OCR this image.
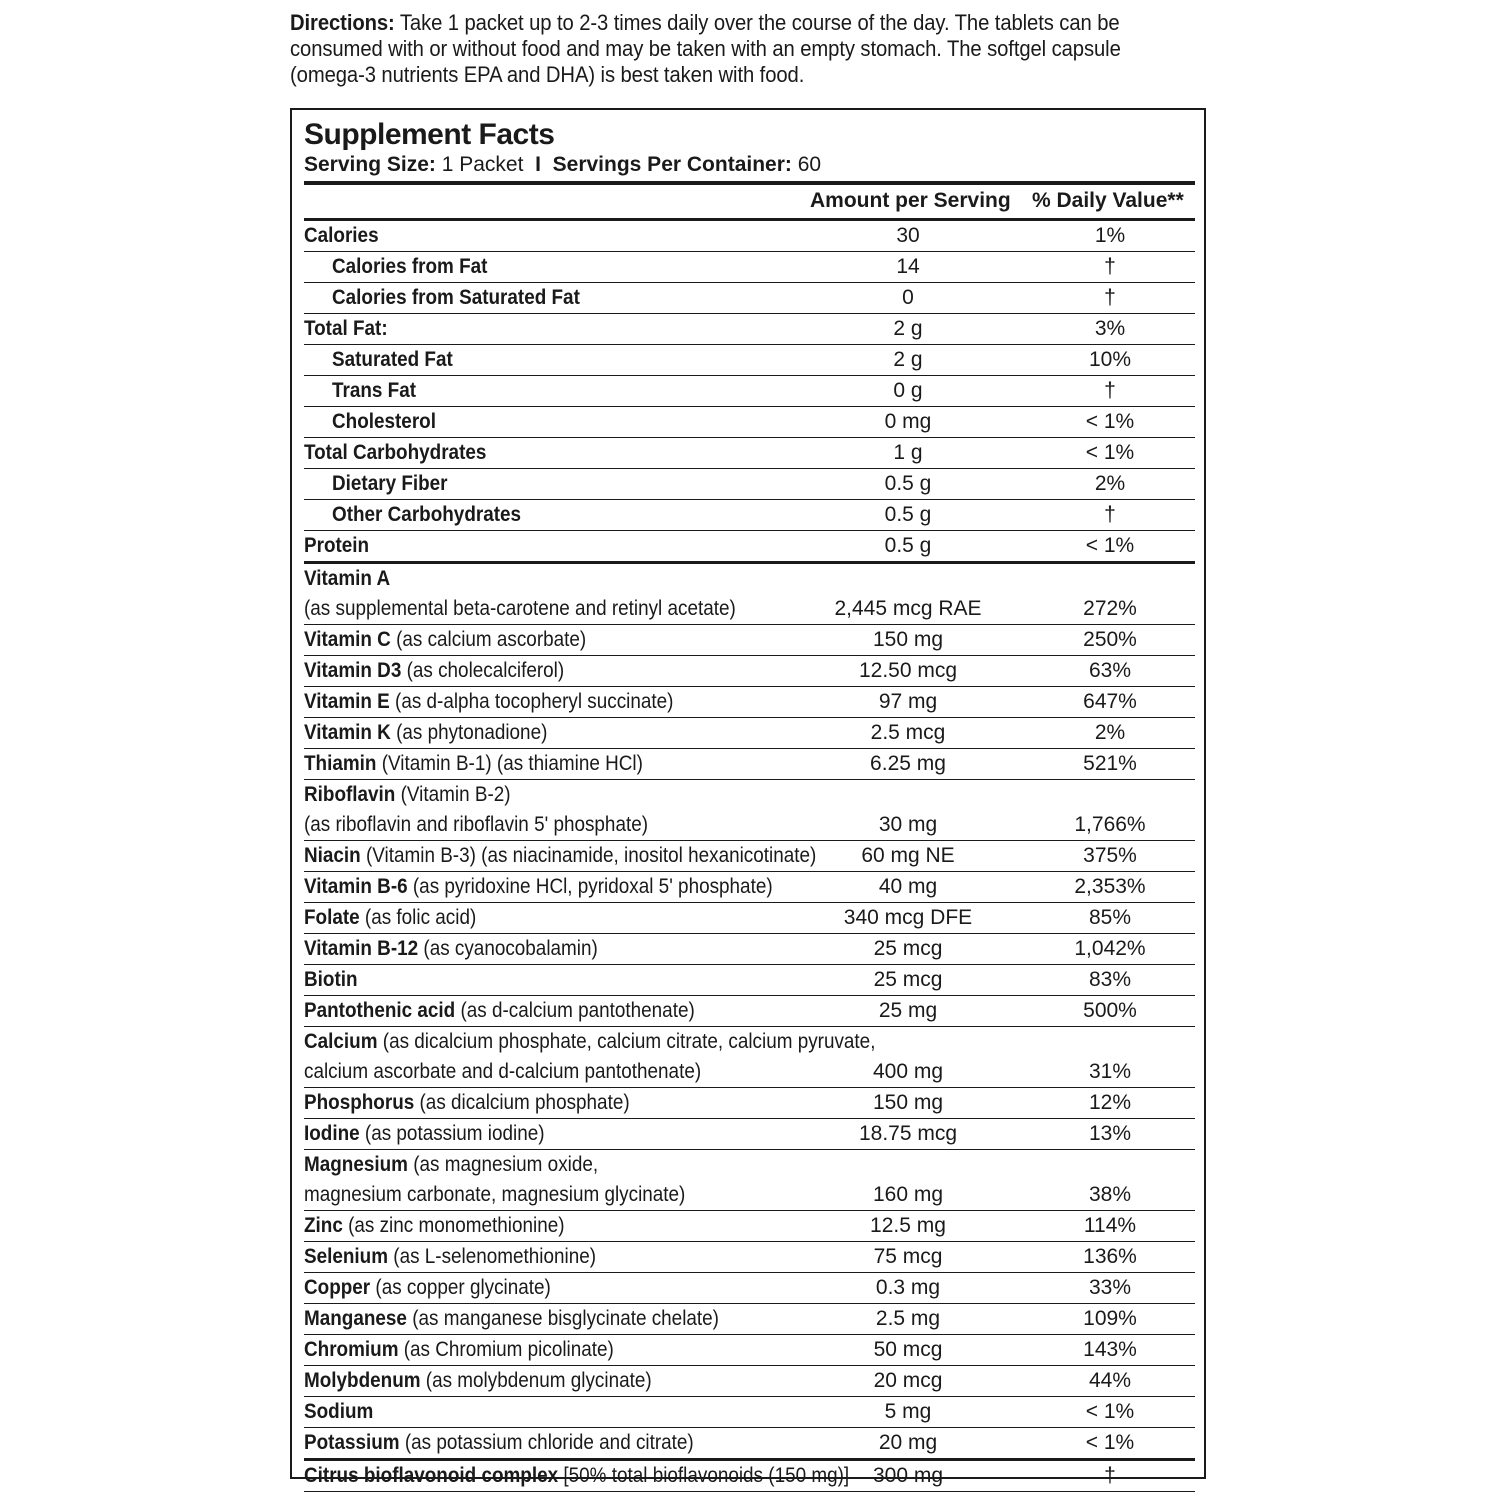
Directions: Take 1 packet up to 2-3 times daily over the course of the day. The tablets can be consumed with or without food and may be taken with an empty stomach. The softgel capsule (omega-3 nutrients EPA and DHA) is best taken with food.
Supplement Facts
Serving Size: 1 Packet I Servings Per Container: 60
Amount per Serving % Daily Value**
Calories	30	1%
Calories from Fat	14	†
Calories from Saturated Fat	0	†
Total Fat:	2 g	3%
Saturated Fat	2 g	10%
Trans Fat	0 g	†
Cholesterol	0 mg	< 1%
Total Carbohydrates	1 g	< 1%
Dietary Fiber	0.5 g	2%
Other Carbohydrates	0.5 g	†
Protein	0.5 g	< 1%
Vitamin A
(as supplemental beta-carotene and retinyl acetate)	2,445 mcg RAE	272%
Vitamin C (as calcium ascorbate)	150 mg	250%
Vitamin D3 (as cholecalciferol)	12.50 mcg	63%
Vitamin E (as d-alpha tocopheryl succinate)	97 mg	647%
Vitamin K (as phytonadione)	2.5 mcg	2%
Thiamin (Vitamin B-1) (as thiamine HCl)	6.25 mg	521%
Riboflavin (Vitamin B-2)
(as riboflavin and riboflavin 5' phosphate)	30 mg	1,766%
Niacin (Vitamin B-3) (as niacinamide, inositol hexanicotinate)	60 mg NE	375%
Vitamin B-6 (as pyridoxine HCl, pyridoxal 5' phosphate)	40 mg	2,353%
Folate (as folic acid)	340 mcg DFE	85%
Vitamin B-12 (as cyanocobalamin)	25 mcg	1,042%
Biotin	25 mcg	83%
Pantothenic acid (as d-calcium pantothenate)	25 mg	500%
Calcium (as dicalcium phosphate, calcium citrate, calcium pyruvate,
calcium ascorbate and d-calcium pantothenate)	400 mg	31%
Phosphorus (as dicalcium phosphate)	150 mg	12%
Iodine (as potassium iodine)	18.75 mcg	13%
Magnesium (as magnesium oxide,
magnesium carbonate, magnesium glycinate)	160 mg	38%
Zinc (as zinc monomethionine)	12.5 mg	114%
Selenium (as L-selenomethionine)	75 mcg	136%
Copper (as copper glycinate)	0.3 mg	33%
Manganese (as manganese bisglycinate chelate)	2.5 mg	109%
Chromium (as Chromium picolinate)	50 mcg	143%
Molybdenum (as molybdenum glycinate)	20 mcg	44%
Sodium	5 mg	< 1%
Potassium (as potassium chloride and citrate)	20 mg	< 1%
Citrus bioflavonoid complex [50% total bioflavonoids (150 mg)]	300 mg	†
